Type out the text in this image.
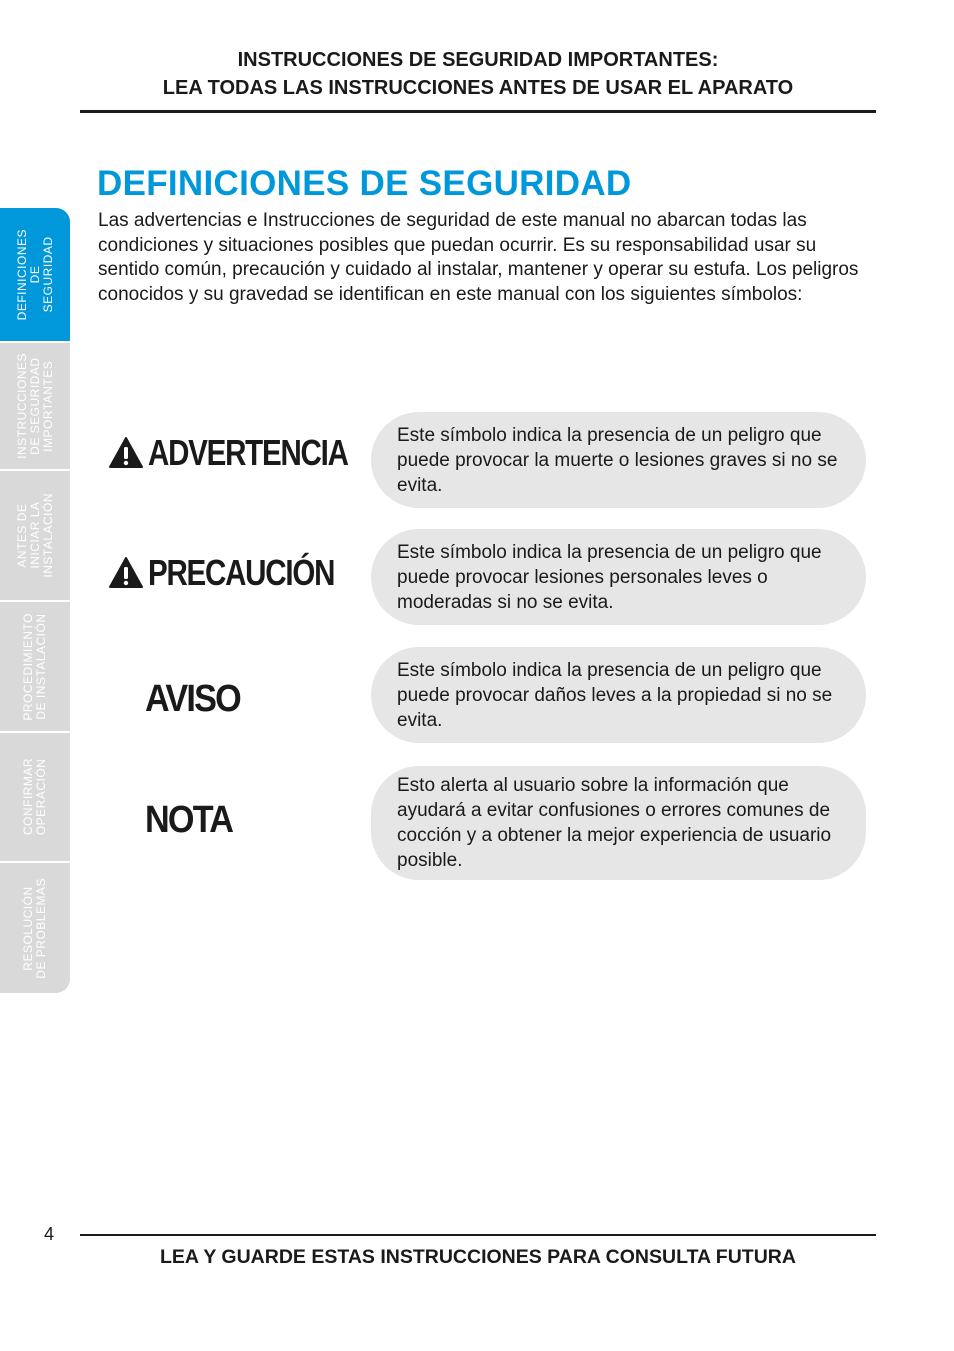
INSTRUCCIONES DE SEGURIDAD IMPORTANTES:
LEA TODAS LAS INSTRUCCIONES ANTES DE USAR EL APARATO
DEFINICIONES
DE
SEGURIDAD
INSTRUCCIONES
DE SEGURIDAD
IMPORTANTES
ANTES DE
INICIAR LA
INSTALACIÓN
PROCEDIMIENTO
DE INSTALACIÓN
CONFIRMAR
OPERACIÓN
RESOLUCIÓN
DE PROBLEMAS
DEFINICIONES DE SEGURIDAD
Las advertencias e Instrucciones de seguridad de este manual no abarcan todas las condiciones y situaciones posibles que puedan ocurrir. Es su responsabilidad usar su sentido común, precaución y cuidado al instalar, mantener y operar su estufa. Los peligros conocidos y su gravedad se identifican en este manual con los siguientes símbolos:
ADVERTENCIA	Este símbolo indica la presencia de un peligro que puede provocar la muerte o lesiones graves si no se evita.
PRECAUCIÓN	Este símbolo indica la presencia de un peligro que puede provocar lesiones personales leves o moderadas si no se evita.
AVISO
Este símbolo indica la presencia de un peligro que puede provocar daños leves a la propiedad si no se evita.
NOTA
Esto alerta al usuario sobre la información que ayudará a evitar confusiones o errores comunes de cocción y a obtener la mejor experiencia de usuario posible.
4
LEA Y GUARDE ESTAS INSTRUCCIONES PARA CONSULTA FUTURA
